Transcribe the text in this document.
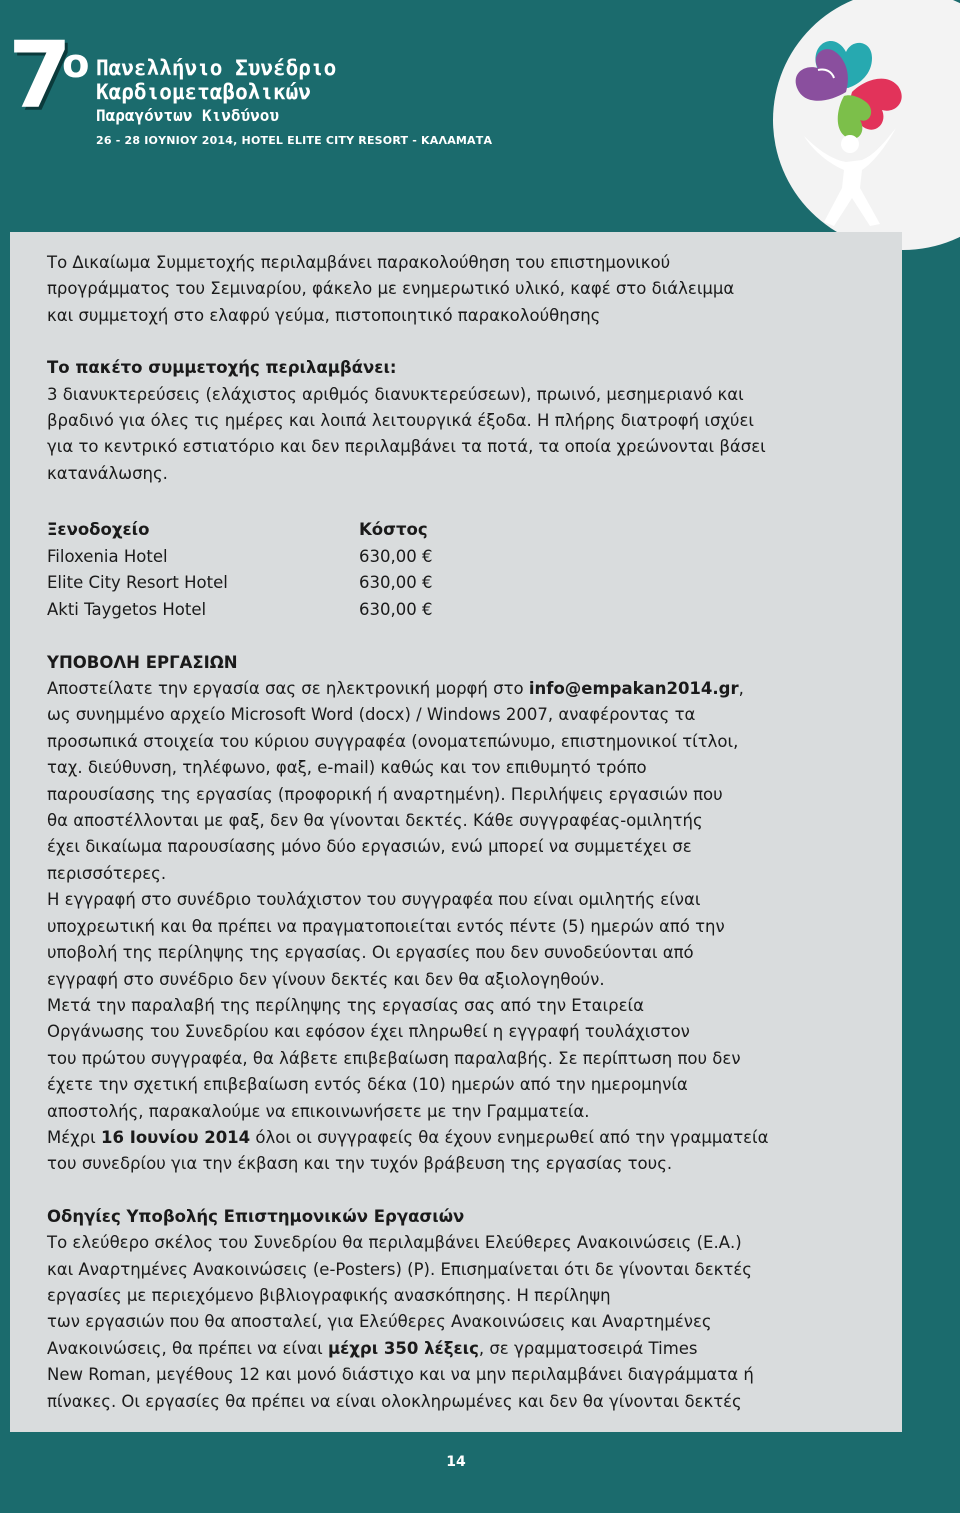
7
ο Πανελλήνιο Συνέδριο
Καρδιομεταβολικών
Παραγόντων Κινδύνου
26 - 28 ΙΟΥΝΙΟΥ 2014, HOTEL ELITE CITY RESORT - ΚΑΛΑΜΑΤΑ

Το Δικαίωμα Συμμετοχής περιλαμβάνει παρακολούθηση του επιστημονικού

προγράμματος του Σεμιναρίου, φάκελο με ενημερωτικό υλικό, καφέ στο διάλειμμα

και συμμετοχή στο ελαφρύ γεύμα, πιστοποιητικό παρακολούθησης

Το πακέτο συμμετοχής περιλαμβάνει:

3 διανυκτερεύσεις (ελάχιστος αριθμός διανυκτερεύσεων), πρωινό, μεσημεριανό και

βραδινό για όλες τις ημέρες και λοιπά λειτουργικά έξοδα. Η πλήρης διατροφή ισχύει

για το κεντρικό εστιατόριο και δεν περιλαμβάνει τα ποτά, τα οποία χρεώνονται βάσει

κατανάλωσης.

Ξενοδοχείο	Κόστος
Filoxenia Hotel	630,00 €
Elite City Resort Hotel	630,00 €
Akti Taygetos Hotel	630,00 €

ΥΠΟΒΟΛΗ ΕΡΓΑΣΙΩΝ

Αποστείλατε την εργασία σας σε ηλεκτρονική μορφή στο info@empakan2014.gr,

ως συνημμένο αρχείο Microsoft Word (docx) / Windows 2007, αναφέροντας τα

προσωπικά στοιχεία του κύριου συγγραφέα (ονοματεπώνυμο, επιστημονικοί τίτλοι,

ταχ. διεύθυνση, τηλέφωνο, φαξ, e-mail) καθώς και τον επιθυμητό τρόπο

παρουσίασης της εργασίας (προφορική ή αναρτημένη). Περιλήψεις εργασιών που

θα αποστέλλονται με φαξ, δεν θα γίνονται δεκτές. Κάθε συγγραφέας-ομιλητής

έχει δικαίωμα παρουσίασης μόνο δύο εργασιών, ενώ μπορεί να συμμετέχει σε

περισσότερες.

Η εγγραφή στο συνέδριο τουλάχιστον του συγγραφέα που είναι ομιλητής είναι

υποχρεωτική και θα πρέπει να πραγματοποιείται εντός πέντε (5) ημερών από την

υποβολή της περίληψης της εργασίας. Οι εργασίες που δεν συνοδεύονται από

εγγραφή στο συνέδριο δεν γίνουν δεκτές και δεν θα αξιολογηθούν.

Μετά την παραλαβή της περίληψης της εργασίας σας από την Εταιρεία

Οργάνωσης του Συνεδρίου και εφόσον έχει πληρωθεί η εγγραφή τουλάχιστον

του πρώτου συγγραφέα, θα λάβετε επιβεβαίωση παραλαβής. Σε περίπτωση που δεν

έχετε την σχετική επιβεβαίωση εντός δέκα (10) ημερών από την ημερομηνία

αποστολής, παρακαλούμε να επικοινωνήσετε με την Γραμματεία.

Μέχρι 16 Ιουνίου 2014 όλοι οι συγγραφείς θα έχουν ενημερωθεί από την γραμματεία

του συνεδρίου για την έκβαση και την τυχόν βράβευση της εργασίας τους.

Οδηγίες Υποβολής Επιστημονικών Εργασιών

Το ελεύθερο σκέλος του Συνεδρίου θα περιλαμβάνει Ελεύθερες Ανακοινώσεις (Ε.Α.)

και Αναρτημένες Ανακοινώσεις (e-Posters) (P). Επισημαίνεται ότι δε γίνονται δεκτές

εργασίες με περιεχόμενο βιβλιογραφικής ανασκόπησης. Η περίληψη

των εργασιών που θα αποσταλεί, για Ελεύθερες Ανακοινώσεις και Αναρτημένες

Ανακοινώσεις, θα πρέπει να είναι μέχρι 350 λέξεις, σε γραμματοσειρά Times

New Roman, μεγέθους 12 και μονό διάστιχο και να μην περιλαμβάνει διαγράμματα ή

πίνακες. Οι εργασίες θα πρέπει να είναι ολοκληρωμένες και δεν θα γίνονται δεκτές

14
